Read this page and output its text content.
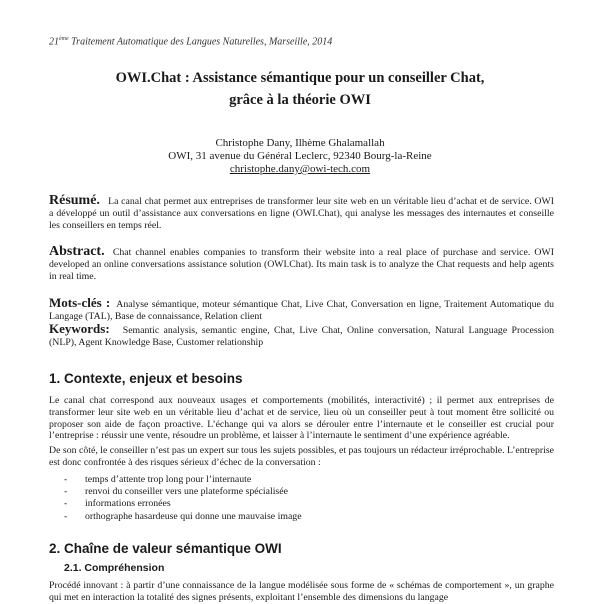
21ème Traitement Automatique des Langues Naturelles, Marseille, 2014
OWI.Chat : Assistance sémantique pour un conseiller Chat,
grâce à la théorie OWI
Christophe Dany, Ilhème Ghalamallah
OWI, 31 avenue du Général Leclerc, 92340 Bourg-la-Reine
christophe.dany@owi-tech.com
Résumé. La canal chat permet aux entreprises de transformer leur site web en un véritable lieu d’achat et de service. OWI a développé un outil d’assistance aux conversations en ligne (OWI.Chat), qui analyse les messages des internautes et conseille les conseillers en temps réel.
Abstract. Chat channel enables companies to transform their website into a real place of purchase and service. OWI developed an online conversations assistance solution (OWI.Chat). Its main task is to analyze the Chat requests and help agents in real time.
Mots-clés : Analyse sémantique, moteur sémantique Chat, Live Chat, Conversation en ligne, Traitement Automatique du Langage (TAL), Base de connaissance, Relation client
Keywords: Semantic analysis, semantic engine, Chat, Live Chat, Online conversation, Natural Language Procession (NLP), Agent Knowledge Base, Customer relationship
1. Contexte, enjeux et besoins
Le canal chat correspond aux nouveaux usages et comportements (mobilités, interactivité) ; il permet aux entreprises de transformer leur site web en un véritable lieu d’achat et de service, lieu où un conseiller peut à tout moment être sollicité ou proposer son aide de façon proactive. L’échange qui va alors se dérouler entre l’internaute et le conseiller est crucial pour l’entreprise : réussir une vente, résoudre un problème, et laisser à l’internaute le sentiment d’une expérience agréable.
De son côté, le conseiller n’est pas un expert sur tous les sujets possibles, et pas toujours un rédacteur irréprochable. L’entreprise est donc confrontée à des risques sérieux d’échec de la conversation :
- temps d’attente trop long pour l’internaute
- renvoi du conseiller vers une plateforme spécialisée
- informations erronées
- orthographe hasardeuse qui donne une mauvaise image
2. Chaîne de valeur sémantique OWI
2.1. Compréhension
Procédé innovant : à partir d’une connaissance de la langue modélisée sous forme de « schémas de comportement », un graphe qui met en interaction la totalité des signes présents, exploitant l’ensemble des dimensions du langage
